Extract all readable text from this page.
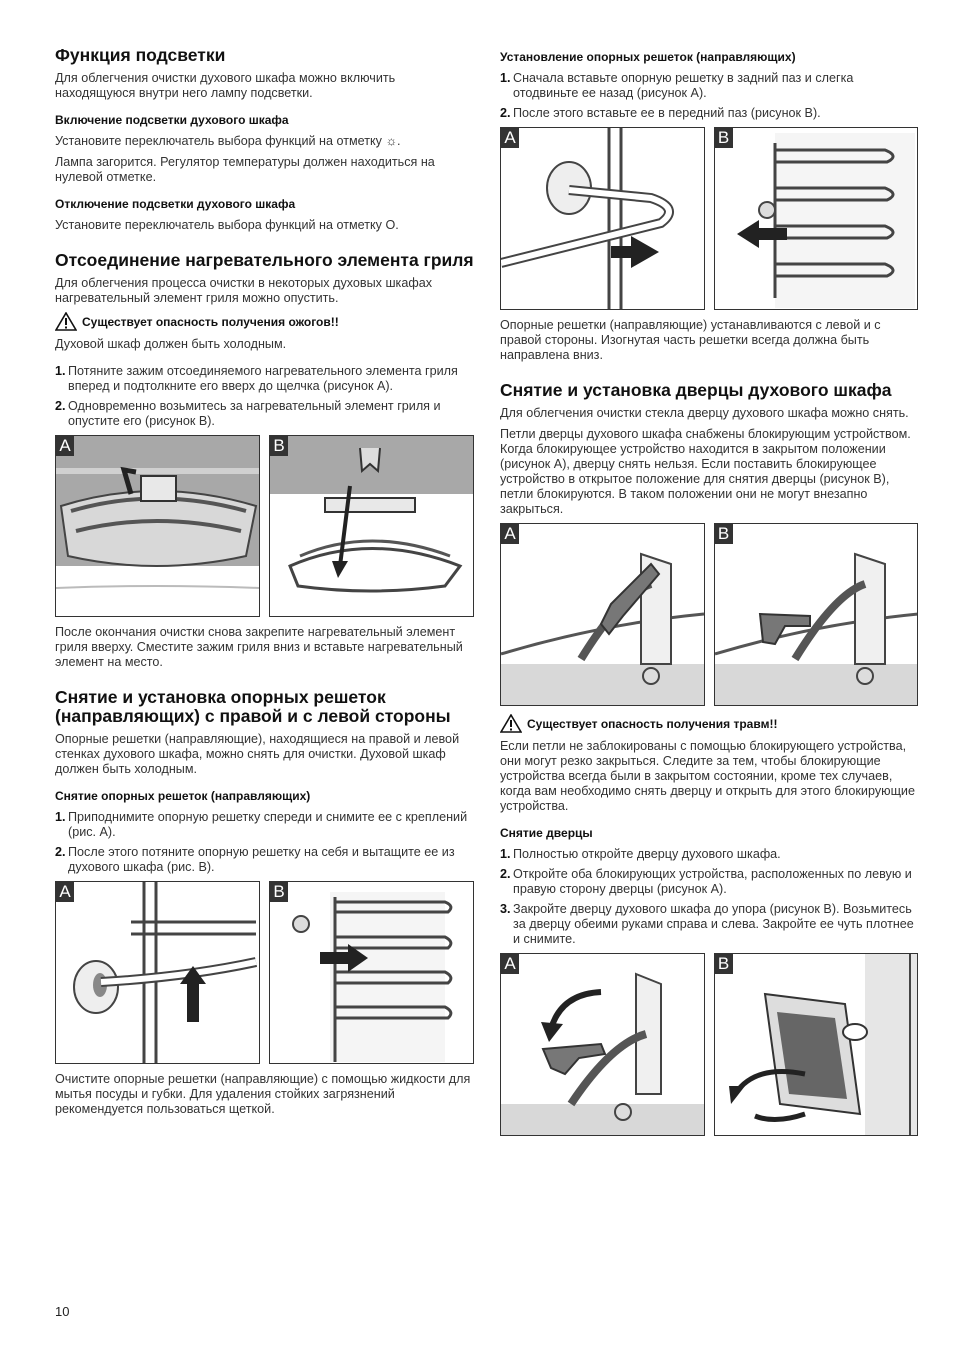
Функция подсветки

Для облегчения очистки духового шкафа можно включить находящуюся внутри него лампу подсветки.

Включение подсветки духового шкафа

Установите переключатель выбора функций на отметку ☼.

Лампа загорится. Регулятор температуры должен находиться на нулевой отметке.

Отключение подсветки духового шкафа

Установите переключатель выбора функций на отметку O.

Отсоединение нагревательного элемента гриля

Для облегчения процесса очистки в некоторых духовых шкафах нагревательный элемент гриля можно опустить.

Существует опасность получения ожогов!!

Духовой шкаф должен быть холодным.

1. Потяните зажим отсоединяемого нагревательного элемента гриля вперед и подтолкните его вверх до щелчка (рисунок A).
2. Одновременно возьмитесь за нагревательный элемент гриля и опустите его (рисунок B).
A	B

После окончания очистки снова закрепите нагревательный элемент гриля вверху. Сместите зажим гриля вниз и вставьте нагревательный элемент на место.

Снятие и установка опорных решеток (направляющих) с правой и с левой стороны

Опорные решетки (направляющие), находящиеся на правой и левой стенках духового шкафа, можно снять для очистки. Духовой шкаф должен быть холодным.

Снятие опорных решеток (направляющих)
1. Приподнимите опорную решетку спереди и снимите ее с креплений (рис. A).
2. После этого потяните опорную решетку на себя и вытащите ее из духового шкафа (рис. B).
A	B

Очистите опорные решетки (направляющие) с помощью жидкости для мытья посуды и губки. Для удаления стойких загрязнений рекомендуется пользоваться щеткой.

Установление опорных решеток (направляющих)
1. Сначала вставьте опорную решетку в задний паз и слегка отодвиньте ее назад (рисунок A).
2. После этого вставьте ее в передний паз (рисунок B).
A	B

Опорные решетки (направляющие) устанавливаются с левой и с правой стороны. Изогнутая часть решетки всегда должна быть направлена вниз.

Снятие и установка дверцы духового шкафа

Для облегчения очистки стекла дверцу духового шкафа можно снять.

Петли дверцы духового шкафа снабжены блокирующим устройством. Когда блокирующее устройство находится в закрытом положении (рисунок A), дверцу снять нельзя. Если поставить блокирующее устройство в открытое положение для снятия дверцы (рисунок B), петли блокируются. В таком положении они не могут внезапно закрыться.

A	B
Существует опасность получения травм!!

Если петли не заблокированы с помощью блокирующего устройства, они могут резко закрыться. Следите за тем, чтобы блокирующие устройства всегда были в закрытом состоянии, кроме тех случаев, когда вам необходимо снять дверцу и открыть для этого блокирующие устройства.

Снятие дверцы
1. Полностью откройте дверцу духового шкафа.
2. Откройте оба блокирующих устройства, расположенных по левую и правую сторону дверцы (рисунок A).
3. Закройте дверцу духового шкафа до упора (рисунок B). Возьмитесь за дверцу обеими руками справа и слева. Закройте ее чуть плотнее и снимите.
A	B
10
